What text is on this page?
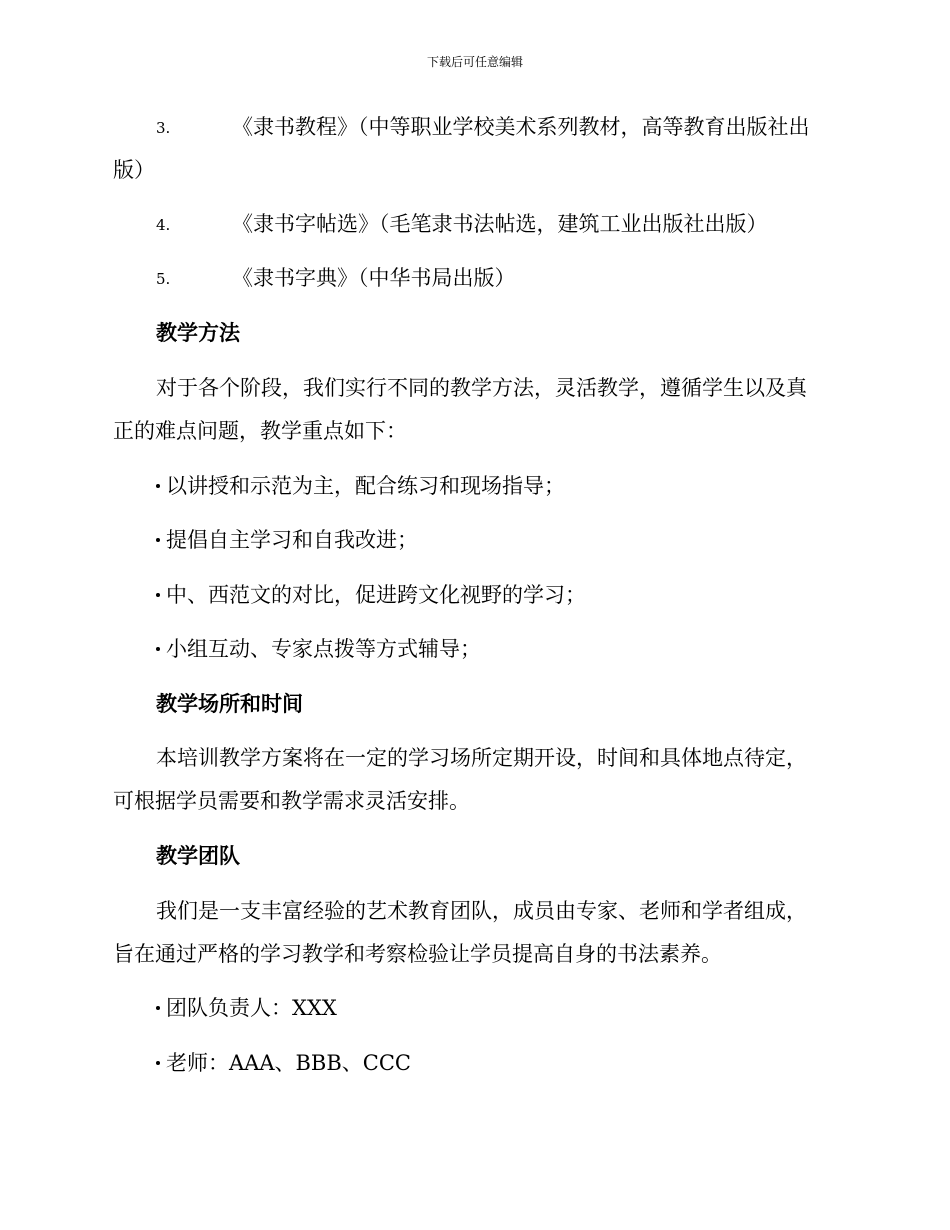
下载后可任意编辑
3.	《隶书教程》（中等职业学校美术系列教材，高等教育出版社出
版）
4.	《隶书字帖选》（毛笔隶书法帖选，建筑工业出版社出版）
5.	《隶书字典》（中华书局出版）
教学方法
对于各个阶段，我们实行不同的教学方法，灵活教学，遵循学生以及真
正的难点问题，教学重点如下：
以讲授和示范为主，配合练习和现场指导；
提倡自主学习和自我改进；
中、西范文的对比，促进跨文化视野的学习；
小组互动、专家点拨等方式辅导；
教学场所和时间
本培训教学方案将在一定的学习场所定期开设，时间和具体地点待定，
可根据学员需要和教学需求灵活安排。
教学团队
我们是一支丰富经验的艺术教育团队，成员由专家、老师和学者组成，
旨在通过严格的学习教学和考察检验让学员提高自身的书法素养。
团队负责人：XXX
老师：AAA、BBB、CCC
